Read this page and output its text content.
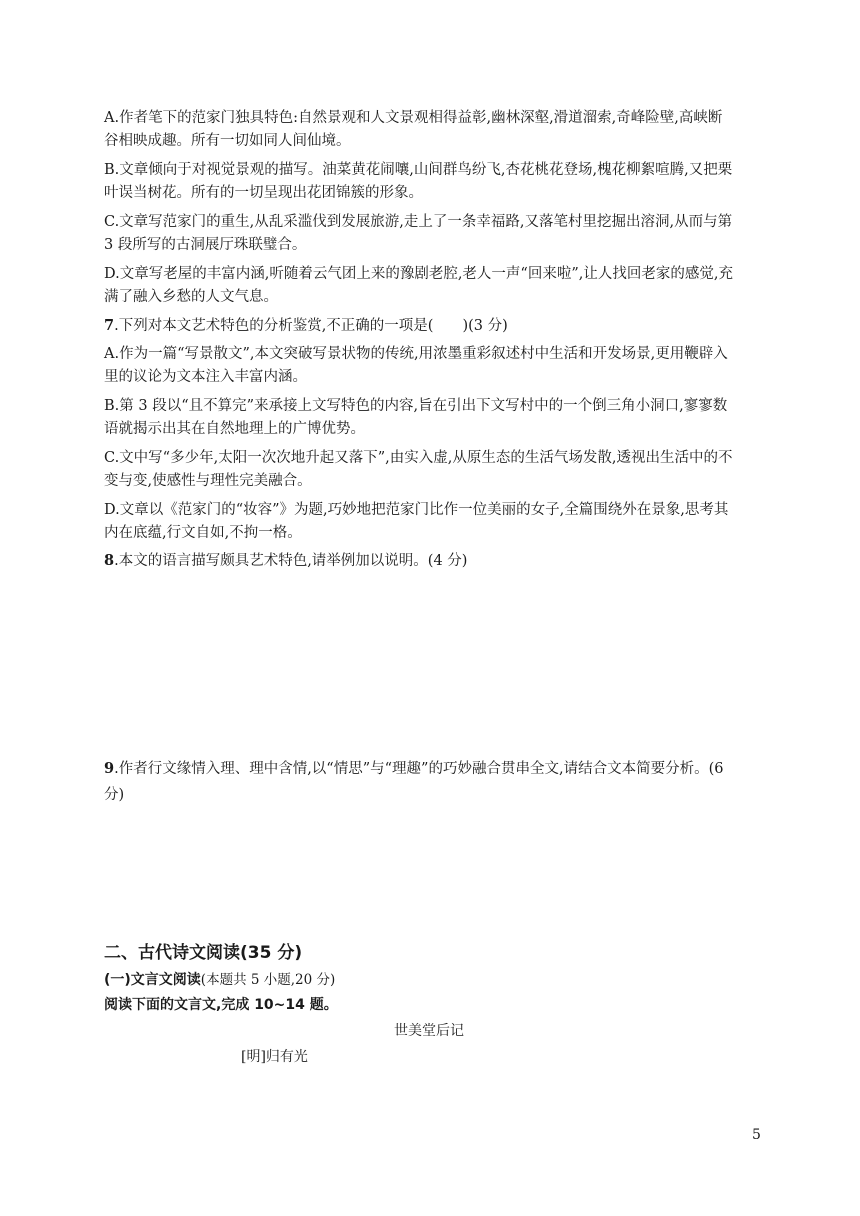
A.作者笔下的范家门独具特色:自然景观和人文景观相得益彰,幽林深壑,滑道溜索,奇峰险壁,高峡断
谷相映成趣。所有一切如同人间仙境。
B.文章倾向于对视觉景观的描写。油菜黄花闹嚷,山间群鸟纷飞,杏花桃花登场,槐花柳絮喧腾,又把栗
叶误当树花。所有的一切呈现出花团锦簇的形象。
C.文章写范家门的重生,从乱采滥伐到发展旅游,走上了一条幸福路,又落笔村里挖掘出溶洞,从而与第
3 段所写的古洞展厅珠联璧合。
D.文章写老屋的丰富内涵,听随着云气团上来的豫剧老腔,老人一声“回来啦”,让人找回老家的感觉,充
满了融入乡愁的人文气息。
7.下列对本文艺术特色的分析鉴赏,不正确的一项是(　　)(3 分)
A.作为一篇“写景散文”,本文突破写景状物的传统,用浓墨重彩叙述村中生活和开发场景,更用鞭辟入
里的议论为文本注入丰富内涵。
B.第 3 段以“且不算完”来承接上文写特色的内容,旨在引出下文写村中的一个倒三角小洞口,寥寥数
语就揭示出其在自然地理上的广博优势。
C.文中写“多少年,太阳一次次地升起又落下”,由实入虚,从原生态的生活气场发散,透视出生活中的不
变与变,使感性与理性完美融合。
D.文章以《范家门的“妆容”》为题,巧妙地把范家门比作一位美丽的女子,全篇围绕外在景象,思考其
内在底蕴,行文自如,不拘一格。
8.本文的语言描写颇具艺术特色,请举例加以说明。(4 分)
9.作者行文缘情入理、理中含情,以“情思”与“理趣”的巧妙融合贯串全文,请结合文本简要分析。(6
分)
二、古代诗文阅读(35 分)
(一)文言文阅读(本题共 5 小题,20 分)
阅读下面的文言文,完成 10~14 题。
世美堂后记
[明]归有光
5
